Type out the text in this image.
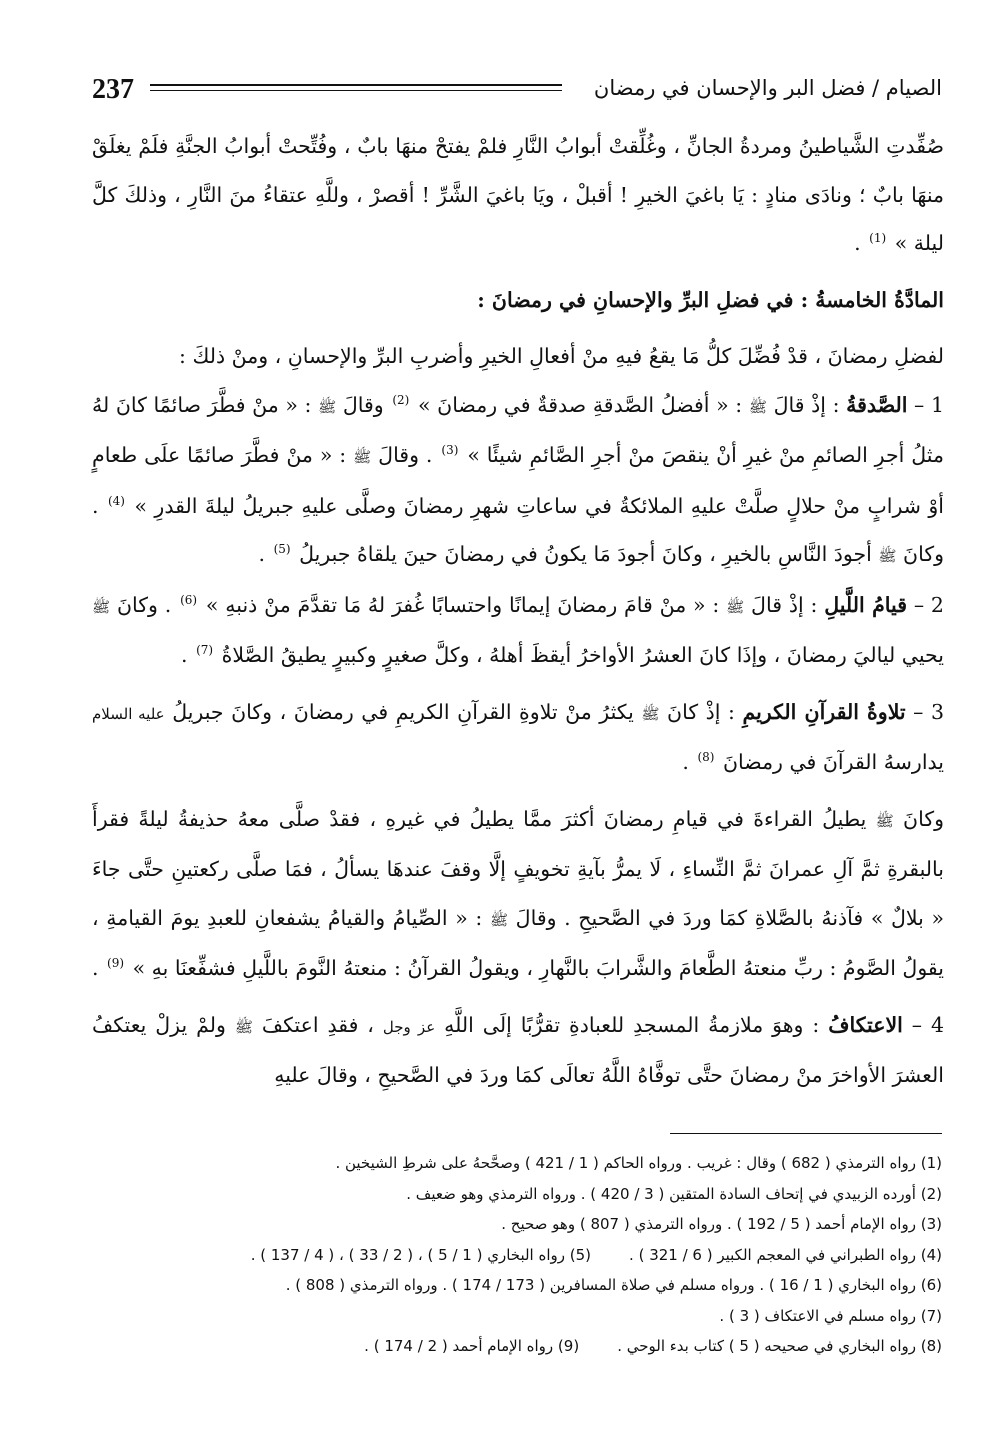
237	الصيام / فضل البر والإحسان في رمضان

صُفِّدتِ الشَّياطينُ ومردةُ الجانِّ ، وغُلِّقتْ أبوابُ النَّارِ فلمْ يفتحْ منهَا بابٌ ، وفُتِّحتْ أبوابُ الجنَّةِ فلَمْ يغلَقْ منهَا بابٌ ؛ ونادَى منادٍ : يَا باغيَ الخيرِ ! أقبلْ ، ويَا باغيَ الشَّرِّ ! أقصرْ ، وللَّهِ عتقاءُ منَ النَّارِ ، وذلكَ كلَّ ليلة » $^{(1)}$ .

المادَّةُ الخامسةُ : في فضلِ البرِّ والإحسانِ في رمضانَ :

لفضلِ رمضانَ ، قدْ فُضِّلَ كلُّ مَا يقعُ فيهِ منْ أفعالِ الخيرِ وأضربِ البرِّ والإحسانِ ، ومنْ ذلكَ :

1 – الصَّدقةُ : إذْ قالَ ﷺ : « أفضلُ الصَّدقةِ صدقةٌ في رمضانَ » $^{(2)}$ وقالَ ﷺ : « منْ فطَّرَ صائمًا كانَ لهُ مثلُ أجرِ الصائمِ منْ غيرِ أنْ ينقصَ منْ أجرِ الصَّائمِ شيئًا » $^{(3)}$ . وقالَ ﷺ : « منْ فطَّرَ صائمًا علَى طعامٍ أوْ شرابٍ منْ حلالٍ صلَّتْ عليهِ الملائكةُ في ساعاتِ شهرِ رمضانَ وصلَّى عليهِ جبريلُ ليلةَ القدرِ » $^{(4)}$ . وكانَ ﷺ أجودَ النَّاسِ بالخيرِ ، وكانَ أجودَ مَا يكونُ في رمضانَ حينَ يلقاهُ جبريلُ $^{(5)}$ .

2 – قيامُ اللَّيلِ : إذْ قالَ ﷺ : « منْ قامَ رمضانَ إيمانًا واحتسابًا غُفرَ لهُ مَا تقدَّمَ منْ ذنبهِ » $^{(6)}$ . وكانَ ﷺ يحيي لياليَ رمضانَ ، وإذَا كانَ العشرُ الأواخرُ أيقظَ أهلهُ ، وكلَّ صغيرٍ وكبيرٍ يطيقُ الصَّلاةُ $^{(7)}$ .

3 – تلاوةُ القرآنِ الكريمِ : إذْ كانَ ﷺ يكثرُ منْ تلاوةِ القرآنِ الكريمِ في رمضانَ ، وكانَ جبريلُ عليه السلام يدارسهُ القرآنَ في رمضانَ $^{(8)}$ .

وكانَ ﷺ يطيلُ القراءةَ في قيامِ رمضانَ أكثرَ ممَّا يطيلُ في غيرهِ ، فقدْ صلَّى معهُ حذيفةُ ليلةً فقرأَ بالبقرةِ ثمَّ آلِ عمرانَ ثمَّ النِّساءِ ، لَا يمرُّ بآيةِ تخويفٍ إلَّا وقفَ عندهَا يسألُ ، فمَا صلَّى ركعتينِ حتَّى جاءَ « بلالٌ » فآذنهُ بالصَّلاةِ كمَا وردَ في الصَّحيحِ . وقالَ ﷺ : « الصِّيامُ والقيامُ يشفعانِ للعبدِ يومَ القيامةِ ، يقولُ الصَّومُ : ربِّ منعتهُ الطَّعامَ والشَّرابَ بالنَّهارِ ، ويقولُ القرآنُ : منعتهُ النَّومَ باللَّيلِ فشفِّعنَا بهِ » $^{(9)}$ .

4 – الاعتكافُ : وهوَ ملازمةُ المسجدِ للعبادةِ تقرُّبًا إلَى اللَّهِ عز وجل ، فقدِ اعتكفَ ﷺ ولمْ يزلْ يعتكفُ العشرَ الأواخرَ منْ رمضانَ حتَّى توفَّاهُ اللَّهُ تعالَى كمَا وردَ في الصَّحيحِ ، وقالَ عليهِ

(1) رواه الترمذي ( 682 ) وقال : غريب . ورواه الحاكم ( 1 / 421 ) وصحَّحهُ على شرطِ الشيخين .
(2) أورده الزبيدي في إتحاف السادة المتقين ( 3 / 420 ) . ورواه الترمذي وهو ضعيف .
(3) رواه الإمام أحمد ( 5 / 192 ) . ورواه الترمذي ( 807 ) وهو صحيح .
(4) رواه الطبراني في المعجم الكبير ( 6 / 321 ) .(5) رواه البخاري ( 1 / 5 ) ، ( 2 / 33 ) ، ( 4 / 137 ) .
(6) رواه البخاري ( 1 / 16 ) . ورواه مسلم في صلاة المسافرين ( 173 / 174 ) . ورواه الترمذي ( 808 ) .
(7) رواه مسلم في الاعتكاف ( 3 ) .
(8) رواه البخاري في صحيحه ( 5 ) كتاب بدء الوحي .(9) رواه الإمام أحمد ( 2 / 174 ) .
